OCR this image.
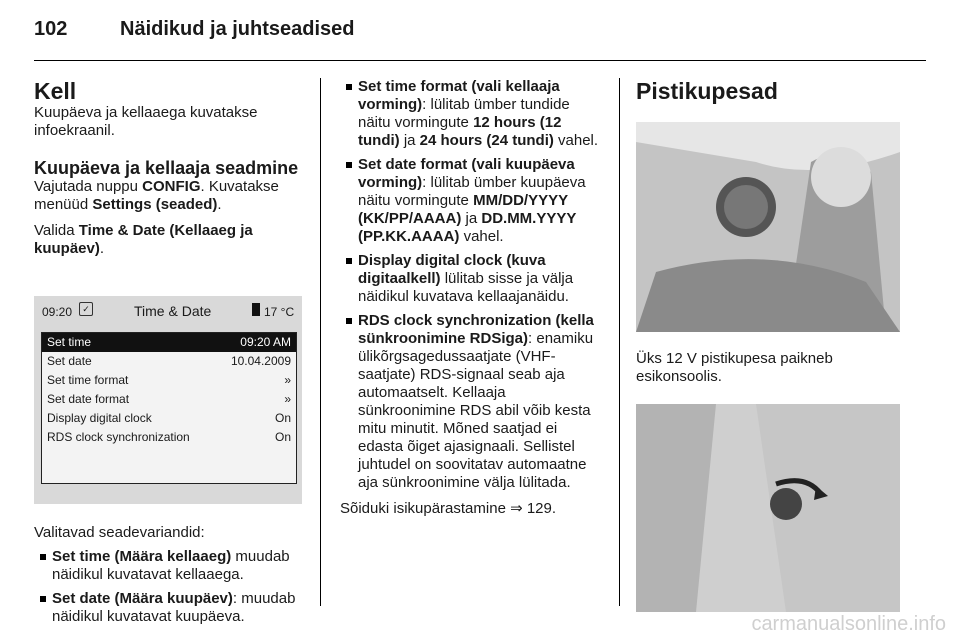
102	Näidikud ja juhtseadised
Kell

Kuupäeva ja kellaaega kuvatakse infoekraanil.

Kuupäeva ja kellaaja seadmine

Vajutada nuppu CONFIG. Kuvatakse menüüd Settings (seaded).

Valida Time & Date (Kellaaeg ja kuupäev).

09:20	✓	Time & Date	17 °C
Set time	09:20 AM
Set date	10.04.2009
Set time format	»
Set date format	»
Display digital clock	On
RDS clock synchronization	On

Valitavad seadevariandid:

Set time (Määra kellaaeg) muudab näidikul kuvatavat kellaaega.
Set date (Määra kuupäev): muudab näidikul kuvatavat kuupäeva.
Set time format (vali kellaaja vorming): lülitab ümber tundide näitu vormingute 12 hours (12 tundi) ja 24 hours (24 tundi) vahel.
Set date format (vali kuupäeva vorming): lülitab ümber kuupäeva näitu vormingute MM/DD/YYYY (KK/PP/AAAA) ja DD.MM.YYYY (PP.KK.AAAA) vahel.
Display digital clock (kuva digitaalkell) lülitab sisse ja välja näidikul kuvatava kellaajanäidu.
RDS clock synchronization (kella sünkroonimine RDSiga): enamiku ülikõrgsagedussaatjate (VHF-saatjate) RDS-signaal seab aja automaatselt. Kellaaja sünkroonimine RDS abil võib kesta mitu minutit. Mõned saatjad ei edasta õiget ajasignaali. Sellistel juhtudel on soovitatav automaatne aja sünkroonimine välja lülitada.

Sõiduki isikupärastamine ⇒ 129.

Pistikupesad

Üks 12 V pistikupesa paikneb esikonsoolis.

carmanualsonline.info
